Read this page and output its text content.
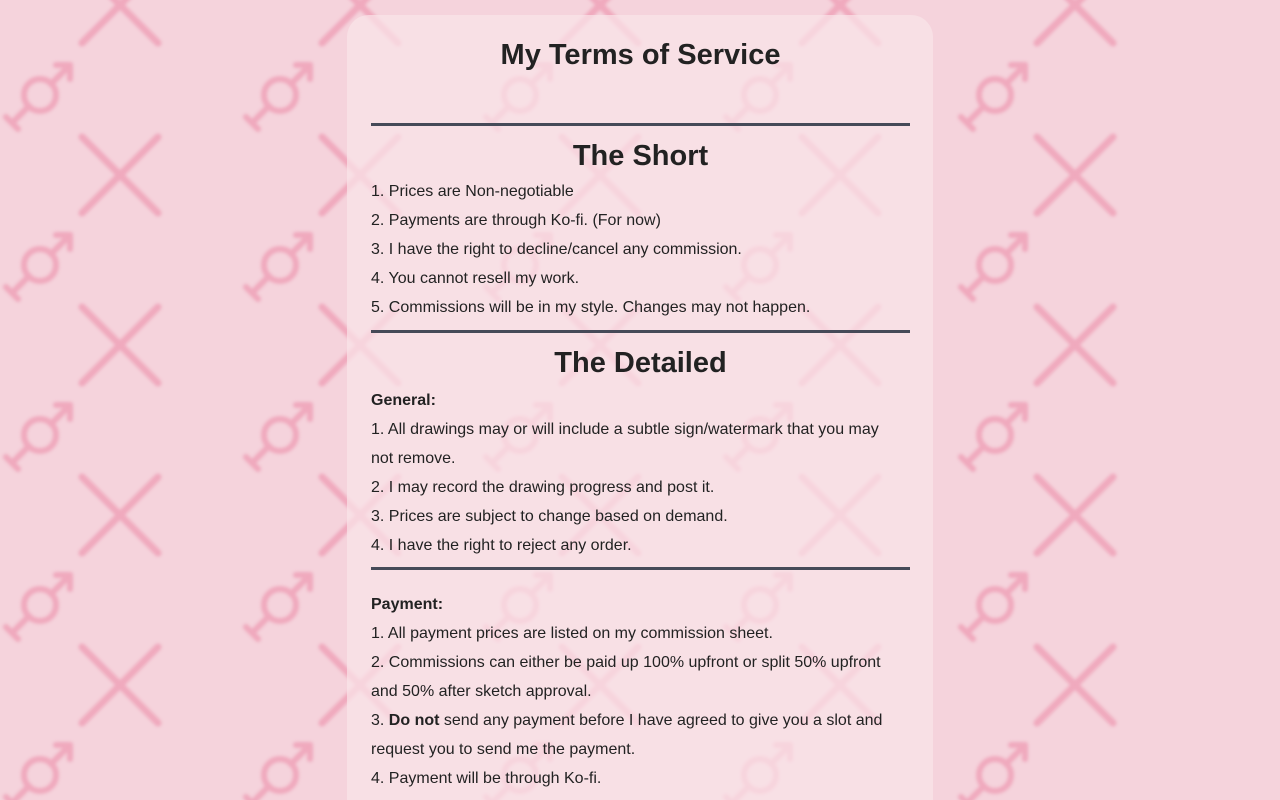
My Terms of Service
The Short

1. Prices are Non-negotiable

2. Payments are through Ko-fi. (For now)

3. I have the right to decline/cancel any commission.

4. You cannot resell my work.

5. Commissions will be in my style. Changes may not happen.

The Detailed

General:

1. All drawings may or will include a subtle sign/watermark that you may

not remove.

2. I may record the drawing progress and post it.

3. Prices are subject to change based on demand.

4. I have the right to reject any order.

Payment:

1. All payment prices are listed on my commission sheet.

2. Commissions can either be paid up 100% upfront or split 50% upfront

and 50% after sketch approval.

3. Do not send any payment before I have agreed to give you a slot and

request you to send me the payment.

4. Payment will be through Ko-fi.
